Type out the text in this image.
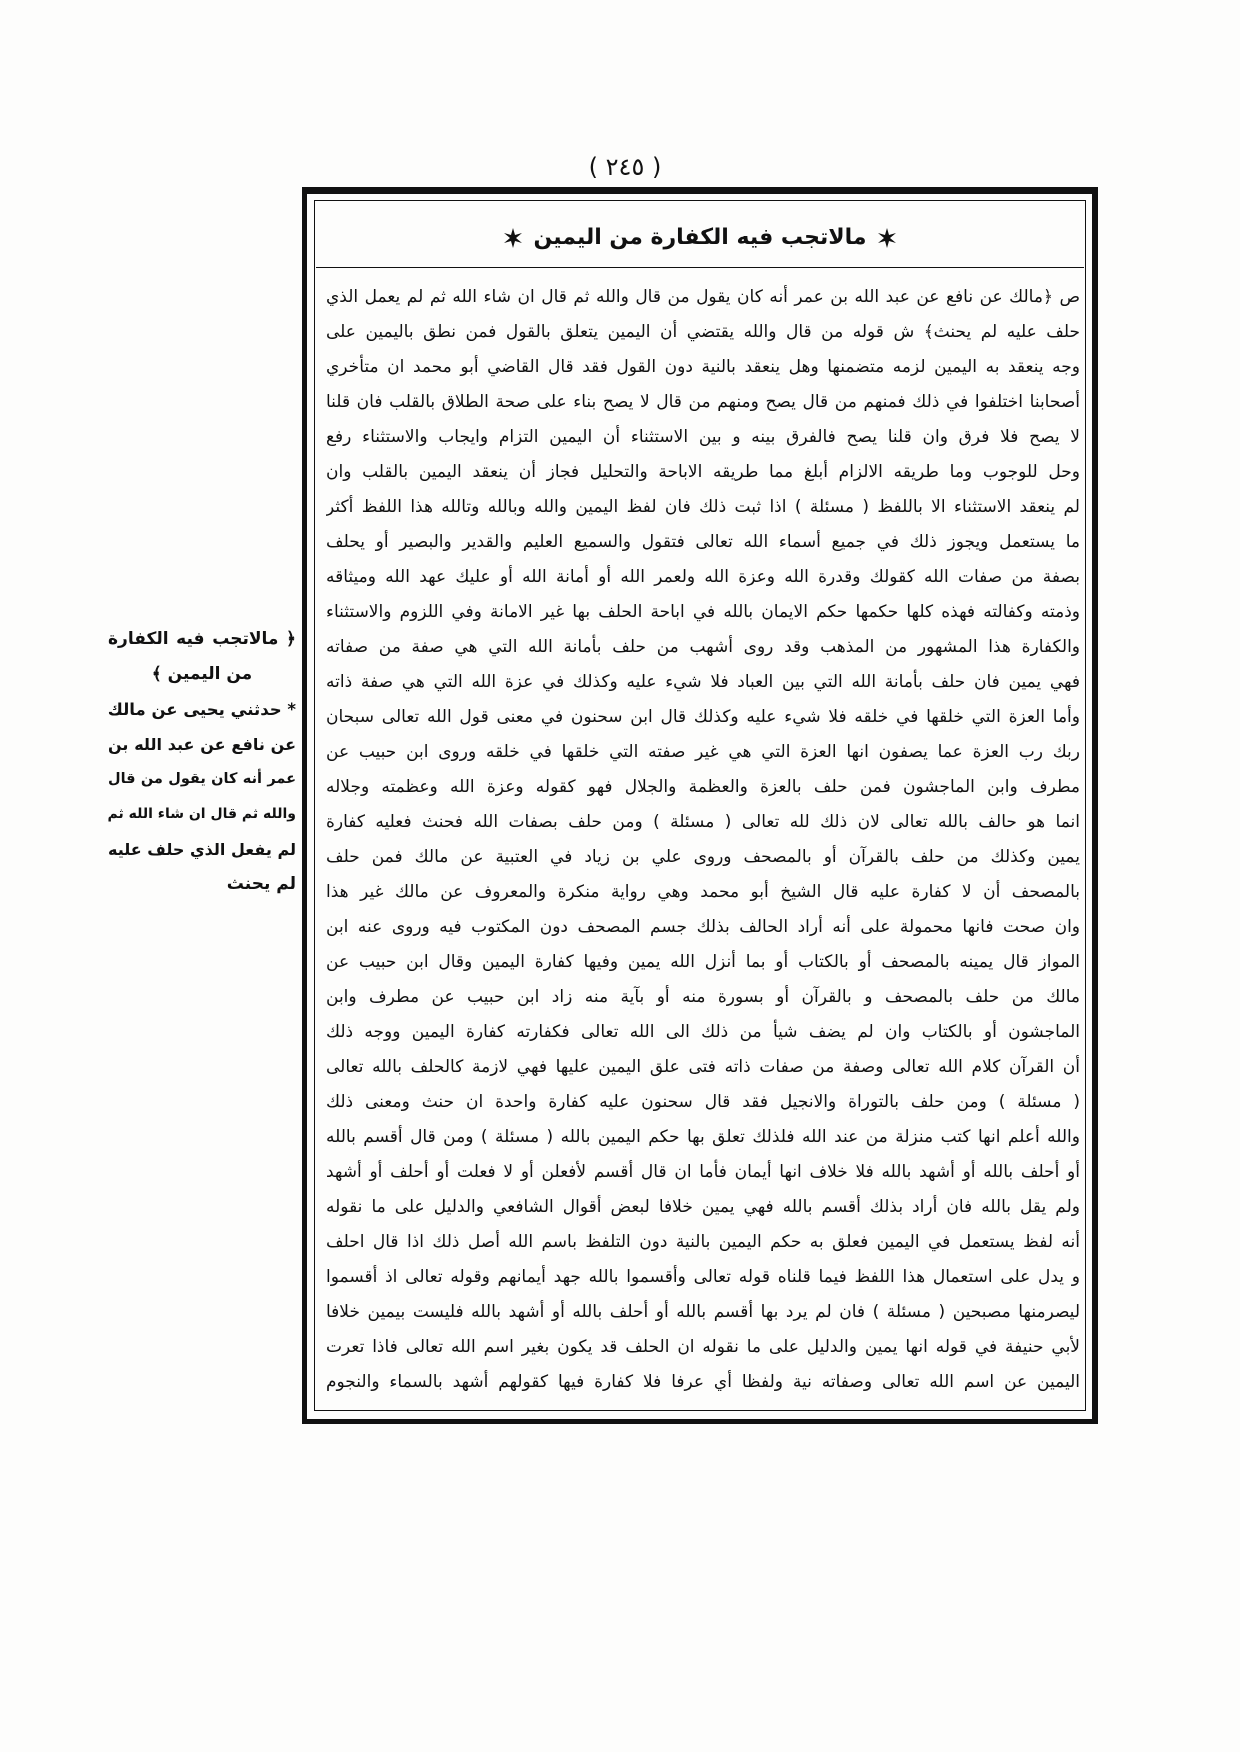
( ٢٤٥ )
مالاتجب فيه الكفارة من اليمين
ص ﴿مالك عن نافع عن عبد الله بن عمر أنه كان يقول من قال والله ثم قال ان شاء الله ثم لم يعمل الذي
حلف عليه لم يحنث﴾ ش قوله من قال والله يقتضي أن اليمين يتعلق بالقول فمن نطق باليمين على
وجه ينعقد به اليمين لزمه متضمنها وهل ينعقد بالنية دون القول فقد قال القاضي أبو محمد ان متأخري
أصحابنا اختلفوا في ذلك فمنهم من قال يصح ومنهم من قال لا يصح بناء على صحة الطلاق بالقلب فان قلنا
لا يصح فلا فرق وان قلنا يصح فالفرق بينه و بين الاستثناء أن اليمين التزام وايجاب والاستثناء رفع
وحل للوجوب وما طريقه الالزام أبلغ مما طريقه الاباحة والتحليل فجاز أن ينعقد اليمين بالقلب وان
لم ينعقد الاستثناء الا باللفظ ( مسئلة ) اذا ثبت ذلك فان لفظ اليمين والله وبالله وتالله هذا اللفظ أكثر
ما يستعمل ويجوز ذلك في جميع أسماء الله تعالى فتقول والسميع العليم والقدير والبصير أو يحلف
بصفة من صفات الله كقولك وقدرة الله وعزة الله ولعمر الله أو أمانة الله أو عليك عهد الله وميثاقه
وذمته وكفالته فهذه كلها حكمها حكم الايمان بالله في اباحة الحلف بها غير الامانة وفي اللزوم والاستثناء
والكفارة هذا المشهور من المذهب وقد روى أشهب من حلف بأمانة الله التي هي صفة من صفاته
فهي يمين فان حلف بأمانة الله التي بين العباد فلا شيء عليه وكذلك في عزة الله التي هي صفة ذاته
وأما العزة التي خلقها في خلقه فلا شيء عليه وكذلك قال ابن سحنون في معنى قول الله تعالى سبحان
ربك رب العزة عما يصفون انها العزة التي هي غير صفته التي خلقها في خلقه وروى ابن حبيب عن
مطرف وابن الماجشون فمن حلف بالعزة والعظمة والجلال فهو كقوله وعزة الله وعظمته وجلاله
انما هو حالف بالله تعالى لان ذلك لله تعالى ( مسئلة ) ومن حلف بصفات الله فحنث فعليه كفارة
يمين وكذلك من حلف بالقرآن أو بالمصحف وروى علي بن زياد في العتبية عن مالك فمن حلف
بالمصحف أن لا كفارة عليه قال الشيخ أبو محمد وهي رواية منكرة والمعروف عن مالك غير هذا
وان صحت فانها محمولة على أنه أراد الحالف بذلك جسم المصحف دون المكتوب فيه وروى عنه ابن
المواز قال يمينه بالمصحف أو بالكتاب أو بما أنزل الله يمين وفيها كفارة اليمين وقال ابن حبيب عن
مالك من حلف بالمصحف و بالقرآن أو بسورة منه أو بآية منه زاد ابن حبيب عن مطرف وابن
الماجشون أو بالكتاب وان لم يضف شيأ من ذلك الى الله تعالى فكفارته كفارة اليمين ووجه ذلك
أن القرآن كلام الله تعالى وصفة من صفات ذاته فتى علق اليمين عليها فهي لازمة كالحلف بالله تعالى
( مسئلة ) ومن حلف بالتوراة والانجيل فقد قال سحنون عليه كفارة واحدة ان حنث ومعنى ذلك
والله أعلم انها كتب منزلة من عند الله فلذلك تعلق بها حكم اليمين بالله ( مسئلة ) ومن قال أقسم بالله
أو أحلف بالله أو أشهد بالله فلا خلاف انها أيمان فأما ان قال أقسم لأفعلن أو لا فعلت أو أحلف أو أشهد
ولم يقل بالله فان أراد بذلك أقسم بالله فهي يمين خلافا لبعض أقوال الشافعي والدليل على ما نقوله
أنه لفظ يستعمل في اليمين فعلق به حكم اليمين بالنية دون التلفظ باسم الله أصل ذلك اذا قال احلف
و يدل على استعمال هذا اللفظ فيما قلناه قوله تعالى وأقسموا بالله جهد أيمانهم وقوله تعالى اذ أقسموا
ليصرمنها مصبحين ( مسئلة ) فان لم يرد بها أقسم بالله أو أحلف بالله أو أشهد بالله فليست بيمين خلافا
لأبي حنيفة في قوله انها يمين والدليل على ما نقوله ان الحلف قد يكون بغير اسم الله تعالى فاذا تعرت
اليمين عن اسم الله تعالى وصفاته نية ولفظا أي عرفا فلا كفارة فيها كقولهم أشهد بالسماء والنجوم
﴿ مالاتجب فيه الكفارة
من اليمين ﴾
* حدثني يحيى عن مالك
عن نافع عن عبد الله بن
عمر أنه كان يقول من قال
والله ثم قال ان شاء الله ثم
لم يفعل الذي حلف عليه
لم يحنث
